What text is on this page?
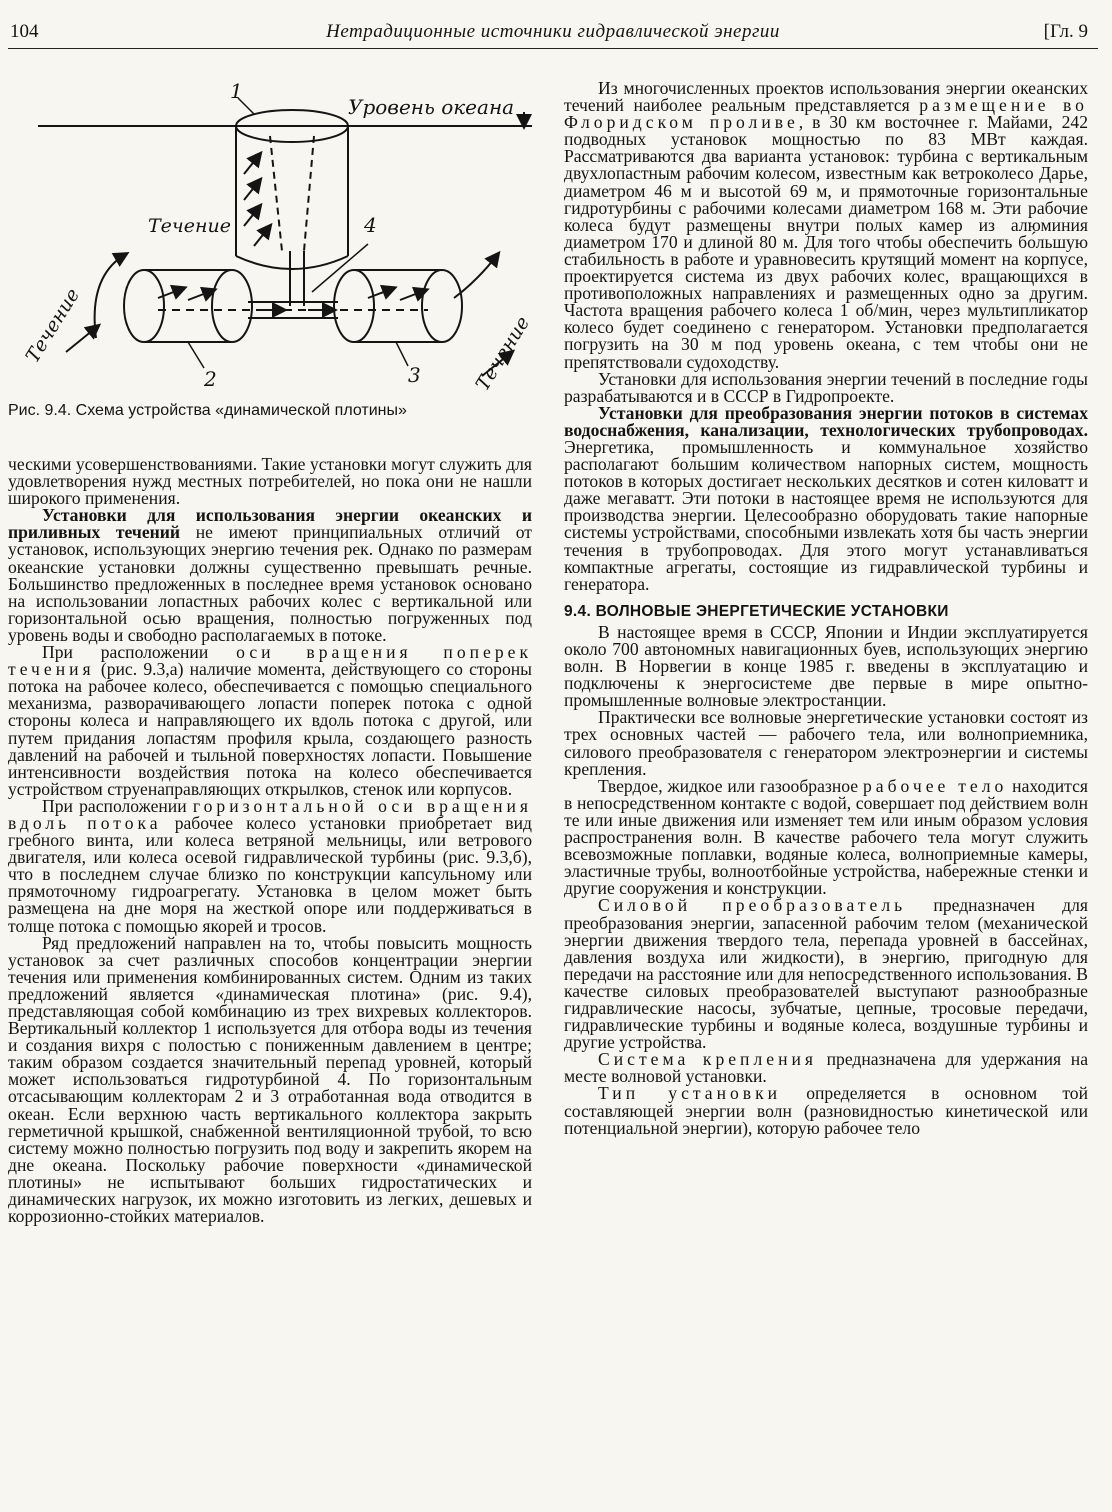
104	Нетрадиционные источники гидравлической энергии	[Гл. 9
Уровень океана
Течение
Течение	Течение
1
2	3
4
Рис. 9.4. Схема устройства «динамической плотины»

ческими усовершенствованиями. Такие установки могут служить для удовлетворения нужд местных потребителей, но пока они не нашли широкого применения.

Установки для использования энергии океанских и приливных течений не имеют принципиальных отличий от установок, использующих энергию течения рек. Однако по размерам океанские установки должны существенно превышать речные. Большинство предложенных в последнее время установок основано на использовании лопастных рабочих колес с вертикальной или горизонтальной осью вращения, полностью погруженных под уровень воды и свободно располагаемых в потоке.

При расположении оси вращения поперек течения (рис. 9.3,а) наличие момента, действующего со стороны потока на рабочее колесо, обеспечивается с помощью специального механизма, разворачивающего лопасти поперек потока с одной стороны колеса и направляющего их вдоль потока с другой, или путем придания лопастям профиля крыла, создающего разность давлений на рабочей и тыльной поверхностях лопасти. Повышение интенсивности воздействия потока на колесо обеспечивается устройством струенаправляющих открылков, стенок или корпусов.

При расположении горизонтальной оси вращения вдоль потока рабочее колесо установки приобретает вид гребного винта, или колеса ветряной мельницы, или ветрового двигателя, или колеса осевой гидравлической турбины (рис. 9.3,б), что в последнем случае близко по конструкции капсульному или прямоточному гидроагрегату. Установка в целом может быть размещена на дне моря на жесткой опоре или поддерживаться в толще потока с помощью якорей и тросов.

Ряд предложений направлен на то, чтобы повысить мощность установок за счет различных способов концентрации энергии течения или применения комбинированных систем. Одним из таких предложений является «динамическая плотина» (рис. 9.4), представляющая собой комбинацию из трех вихревых коллекторов. Вертикальный коллектор 1 используется для отбора воды из течения и создания вихря с полостью с пониженным давлением в центре; таким образом создается значительный перепад уровней, который может использоваться гидротурбиной 4. По горизонтальным отсасывающим коллекторам 2 и 3 отработанная вода отводится в океан. Если верхнюю часть вертикального коллектора закрыть герметичной крышкой, снабженной вентиляционной трубой, то всю систему можно полностью погрузить под воду и закрепить якорем на дне океана. Поскольку рабочие поверхности «динамической плотины» не испытывают больших гидростатических и динамических нагрузок, их можно изготовить из легких, дешевых и коррозионно-стойких материалов.

Из многочисленных проектов использования энергии океанских течений наиболее реальным представляется размещение во Флоридском проливе, в 30 км восточнее г. Майами, 242 подводных установок мощностью по 83 МВт каждая. Рассматриваются два варианта установок: турбина с вертикальным двухлопастным рабочим колесом, известным как ветроколесо Дарье, диаметром 46 м и высотой 69 м, и прямоточные горизонтальные гидротурбины с рабочими колесами диаметром 168 м. Эти рабочие колеса будут размещены внутри полых камер из алюминия диаметром 170 и длиной 80 м. Для того чтобы обеспечить бо́льшую стабильность в работе и уравновесить крутящий момент на корпусе, проектируется система из двух рабочих колес, вращающихся в противоположных направлениях и размещенных одно за другим. Частота вращения рабочего колеса 1 об/мин, через мультипликатор колесо будет соединено с генератором. Установки предполагается погрузить на 30 м под уровень океана, с тем чтобы они не препятствовали судоходству.

Установки для использования энергии течений в последние годы разрабатываются и в СССР в Гидропроекте.

Установки для преобразования энергии потоков в системах водоснабжения, канализации, технологических трубопроводах. Энергетика, промышленность и коммунальное хозяйство располагают большим количеством напорных систем, мощность потоков в которых достигает нескольких десятков и сотен киловатт и даже мегаватт. Эти потоки в настоящее время не используются для производства энергии. Целесообразно оборудовать такие напорные системы устройствами, способными извлекать хотя бы часть энергии течения в трубопроводах. Для этого могут устанавливаться компактные агрегаты, состоящие из гидравлической турбины и генератора.

9.4. ВОЛНОВЫЕ ЭНЕРГЕТИЧЕСКИЕ УСТАНОВКИ

В настоящее время в СССР, Японии и Индии эксплуатируется около 700 автономных навигационных буев, использующих энергию волн. В Норвегии в конце 1985 г. введены в эксплуатацию и подключены к энергосистеме две первые в мире опытно-промышленные волновые электростанции.

Практически все волновые энергетические установки состоят из трех основных частей — рабочего тела, или волноприемника, силового преобразователя с генератором электроэнергии и системы крепления.

Твердое, жидкое или газообразное рабочее тело находится в непосредственном контакте с водой, совершает под действием волн те или иные движения или изменяет тем или иным образом условия распространения волн. В качестве рабочего тела могут служить всевозможные поплавки, водяные колеса, волноприемные камеры, эластичные трубы, волноотбойные устройства, набережные стенки и другие сооружения и конструкции.

Силовой преобразователь предназначен для преобразования энергии, запасенной рабочим телом (механической энергии движения твердого тела, перепада уровней в бассейнах, давления воздуха или жидкости), в энергию, пригодную для передачи на расстояние или для непосредственного использования. В качестве силовых преобразователей выступают разнообразные гидравлические насосы, зубчатые, цепные, тросовые передачи, гидравлические турбины и водяные колеса, воздушные турбины и другие устройства.

Система крепления предназначена для удержания на месте волновой установки.

Тип установки определяется в основном той составляющей энергии волн (разновидностью кинетической или потенциальной энергии), которую рабочее тело
